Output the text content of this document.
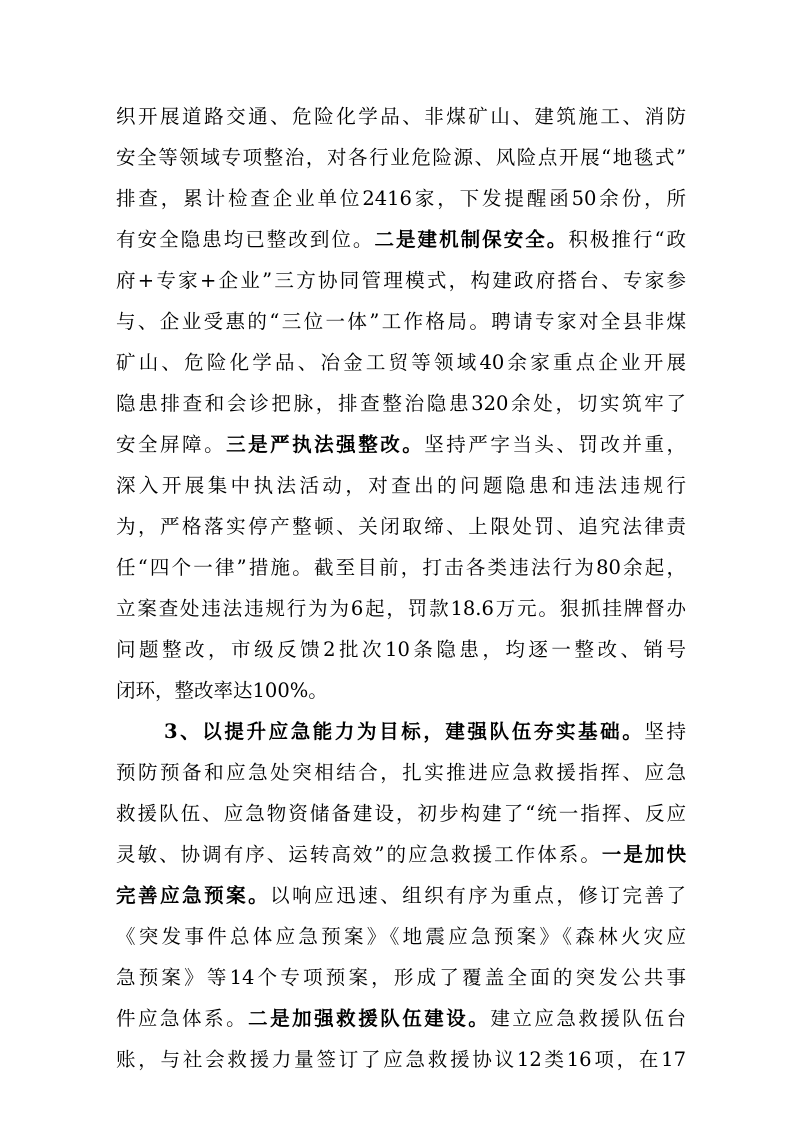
织开展道路交通、危险化学品、非煤矿山、建筑施工、消防
安全等领域专项整治，对各行业危险源、风险点开展“地毯式”
排查，累计检查企业单位2416家，下发提醒函50余份，所
有安全隐患均已整改到位。二是建机制保安全。积极推行“政
府+专家+企业”三方协同管理模式，构建政府搭台、专家参
与、企业受惠的“三位一体”工作格局。聘请专家对全县非煤
矿山、危险化学品、冶金工贸等领域40余家重点企业开展
隐患排查和会诊把脉，排查整治隐患320余处，切实筑牢了
安全屏障。三是严执法强整改。坚持严字当头、罚改并重，
深入开展集中执法活动，对查出的问题隐患和违法违规行
为，严格落实停产整顿、关闭取缔、上限处罚、追究法律责
任“四个一律”措施。截至目前，打击各类违法行为80余起，
立案查处违法违规行为为6起，罚款18.6万元。狠抓挂牌督办
问题整改，市级反馈2批次10条隐患，均逐一整改、销号
闭环，整改率达100%。
3、以提升应急能力为目标，建强队伍夯实基础。坚持
预防预备和应急处突相结合，扎实推进应急救援指挥、应急
救援队伍、应急物资储备建设，初步构建了“统一指挥、反应
灵敏、协调有序、运转高效”的应急救援工作体系。一是加快
完善应急预案。以响应迅速、组织有序为重点，修订完善了
《突发事件总体应急预案》《地震应急预案》《森林火灾应
急预案》等14个专项预案，形成了覆盖全面的突发公共事
件应急体系。二是加强救援队伍建设。建立应急救援队伍台
账，与社会救援力量签订了应急救援协议12类16项，在17
